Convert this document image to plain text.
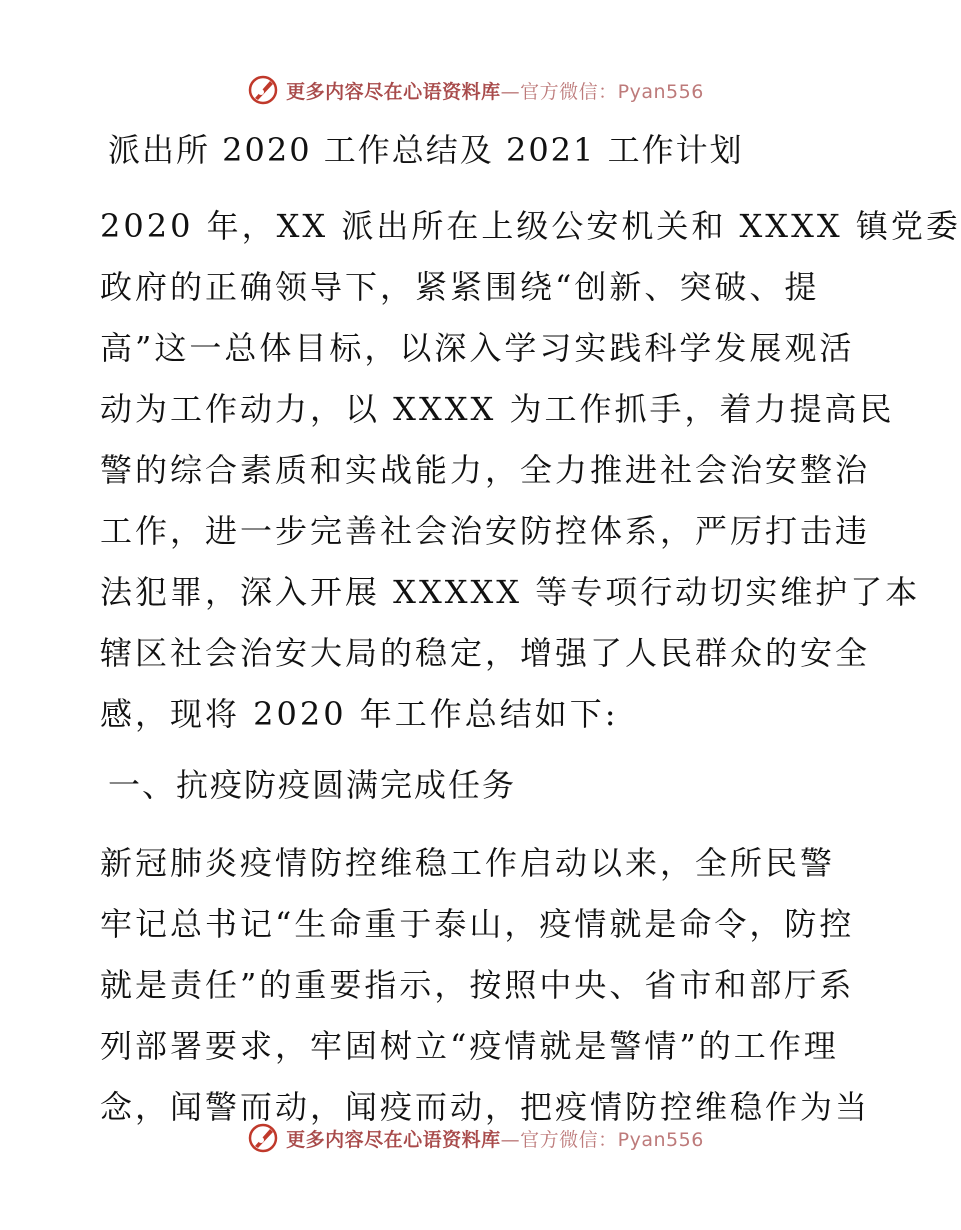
更多内容尽在心语资料库—官方微信：Pyan556

派出所 2020 工作总结及 2021 工作计划

2020 年，XX 派出所在上级公安机关和 XXXX 镇党委
政府的正确领导下，紧紧围绕“创新、突破、提
高”这一总体目标，以深入学习实践科学发展观活
动为工作动力，以 XXXX 为工作抓手，着力提高民
警的综合素质和实战能力，全力推进社会治安整治
工作，进一步完善社会治安防控体系，严厉打击违
法犯罪，深入开展 XXXXX 等专项行动切实维护了本
辖区社会治安大局的稳定，增强了人民群众的安全
感，现将 2020 年工作总结如下:

一、抗疫防疫圆满完成任务

新冠肺炎疫情防控维稳工作启动以来，全所民警
牢记总书记“生命重于泰山，疫情就是命令，防控
就是责任”的重要指示，按照中央、省市和部厅系
列部署要求，牢固树立“疫情就是警情”的工作理
念，闻警而动，闻疫而动，把疫情防控维稳作为当
更多内容尽在心语资料库—官方微信：Pyan556
